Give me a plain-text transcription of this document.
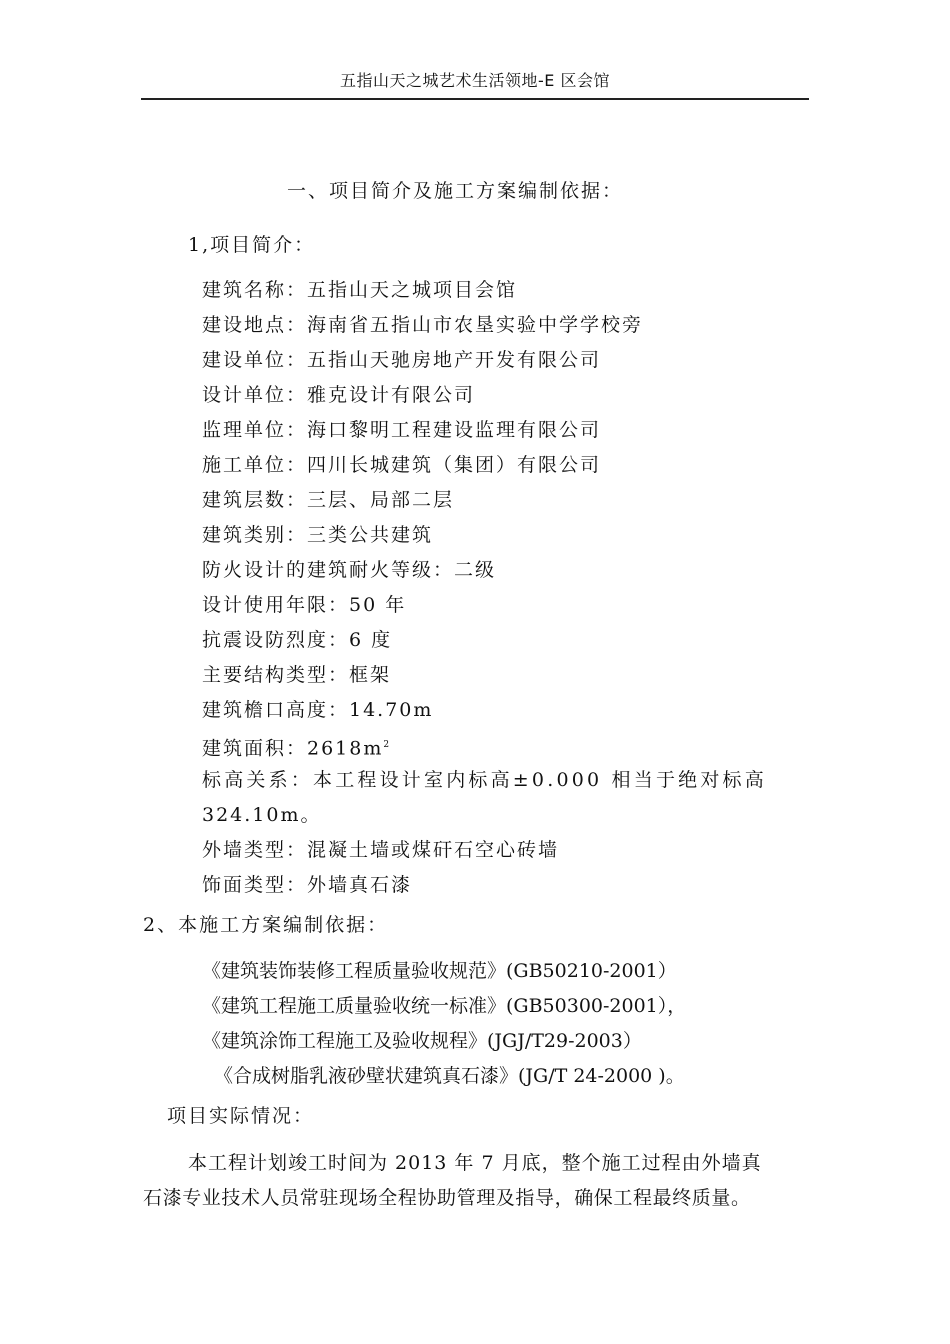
五指山天之城艺术生活领地-E 区会馆
一、项目简介及施工方案编制依据：
1,项目简介：
建筑名称：五指山天之城项目会馆
建设地点：海南省五指山市农垦实验中学学校旁
建设单位：五指山天驰房地产开发有限公司
设计单位：雅克设计有限公司
监理单位：海口黎明工程建设监理有限公司
施工单位：四川长城建筑（集团）有限公司
建筑层数：三层、局部二层
建筑类别：三类公共建筑
防火设计的建筑耐火等级：二级
设计使用年限：50 年
抗震设防烈度：6 度
主要结构类型：框架
建筑檐口高度：14.70m
建筑面积：$2618m^2$
标高关系：本工程设计室内标高±0.000 相当于绝对标高
324.10m。
外墙类型：混凝土墙或煤矸石空心砖墙
饰面类型：外墙真石漆
2、本施工方案编制依据：
《建筑装饰装修工程质量验收规范》(GB50210-2001）
《建筑工程施工质量验收统一标准》(GB50300-2001），
《建筑涂饰工程施工及验收规程》(JGJ/T29-2003）
《合成树脂乳液砂壁状建筑真石漆》(JG/T 24-2000 )。
项目实际情况：
本工程计划竣工时间为 2013 年 7 月底，整个施工过程由外墙真
石漆专业技术人员常驻现场全程协助管理及指导，确保工程最终质量。
